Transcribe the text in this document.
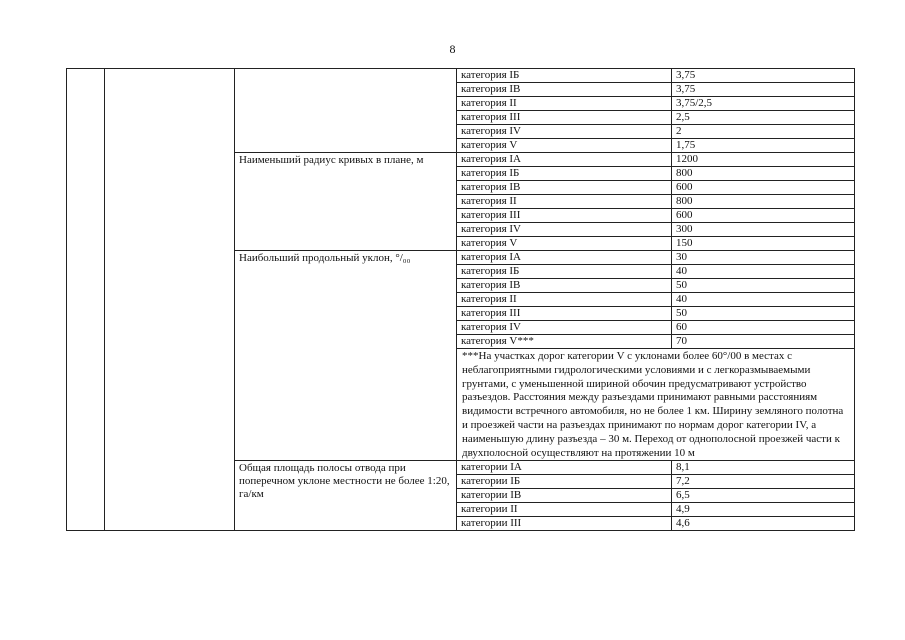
8
			категория IБ	3,75
			категория IВ	3,75
			категория II	3,75/2,5
			категория III	2,5
			категория IV	2
			категория V	1,75
		Наименьший радиус кривых в плане, м	категория IА	1200
			категория IБ	800
			категория IВ	600
			категория II	800
			категория III	600
			категория IV	300
			категория V	150
		Наибольший продольный уклон, °/₀₀	категория IА	30
			категория IБ	40
			категория IВ	50
			категория II	40
			категория III	50
			категория IV	60
			категория V***	70
			***На участках дорог категории V с уклонами более 60°/00 в местах с неблагоприятными гидрологическими условиями и с легкоразмываемыми грунтами, с уменьшенной шириной обочин предусматривают устройство разъездов. Расстояния между разъездами принимают равными расстояниям видимости встречного автомобиля, но не более 1 км. Ширину земляного полотна и проезжей части на разъездах принимают по нормам дорог категории IV, а наименьшую длину разъезда – 30 м. Переход от однополосной проезжей части к двухполосной осуществляют на протяжении 10 м	
		Общая площадь полосы отвода при поперечном уклоне местности не более 1:20, га/км	категории IА	8,1
			категории IБ	7,2
			категории IВ	6,5
			категории II	4,9
			категории III	4,6
